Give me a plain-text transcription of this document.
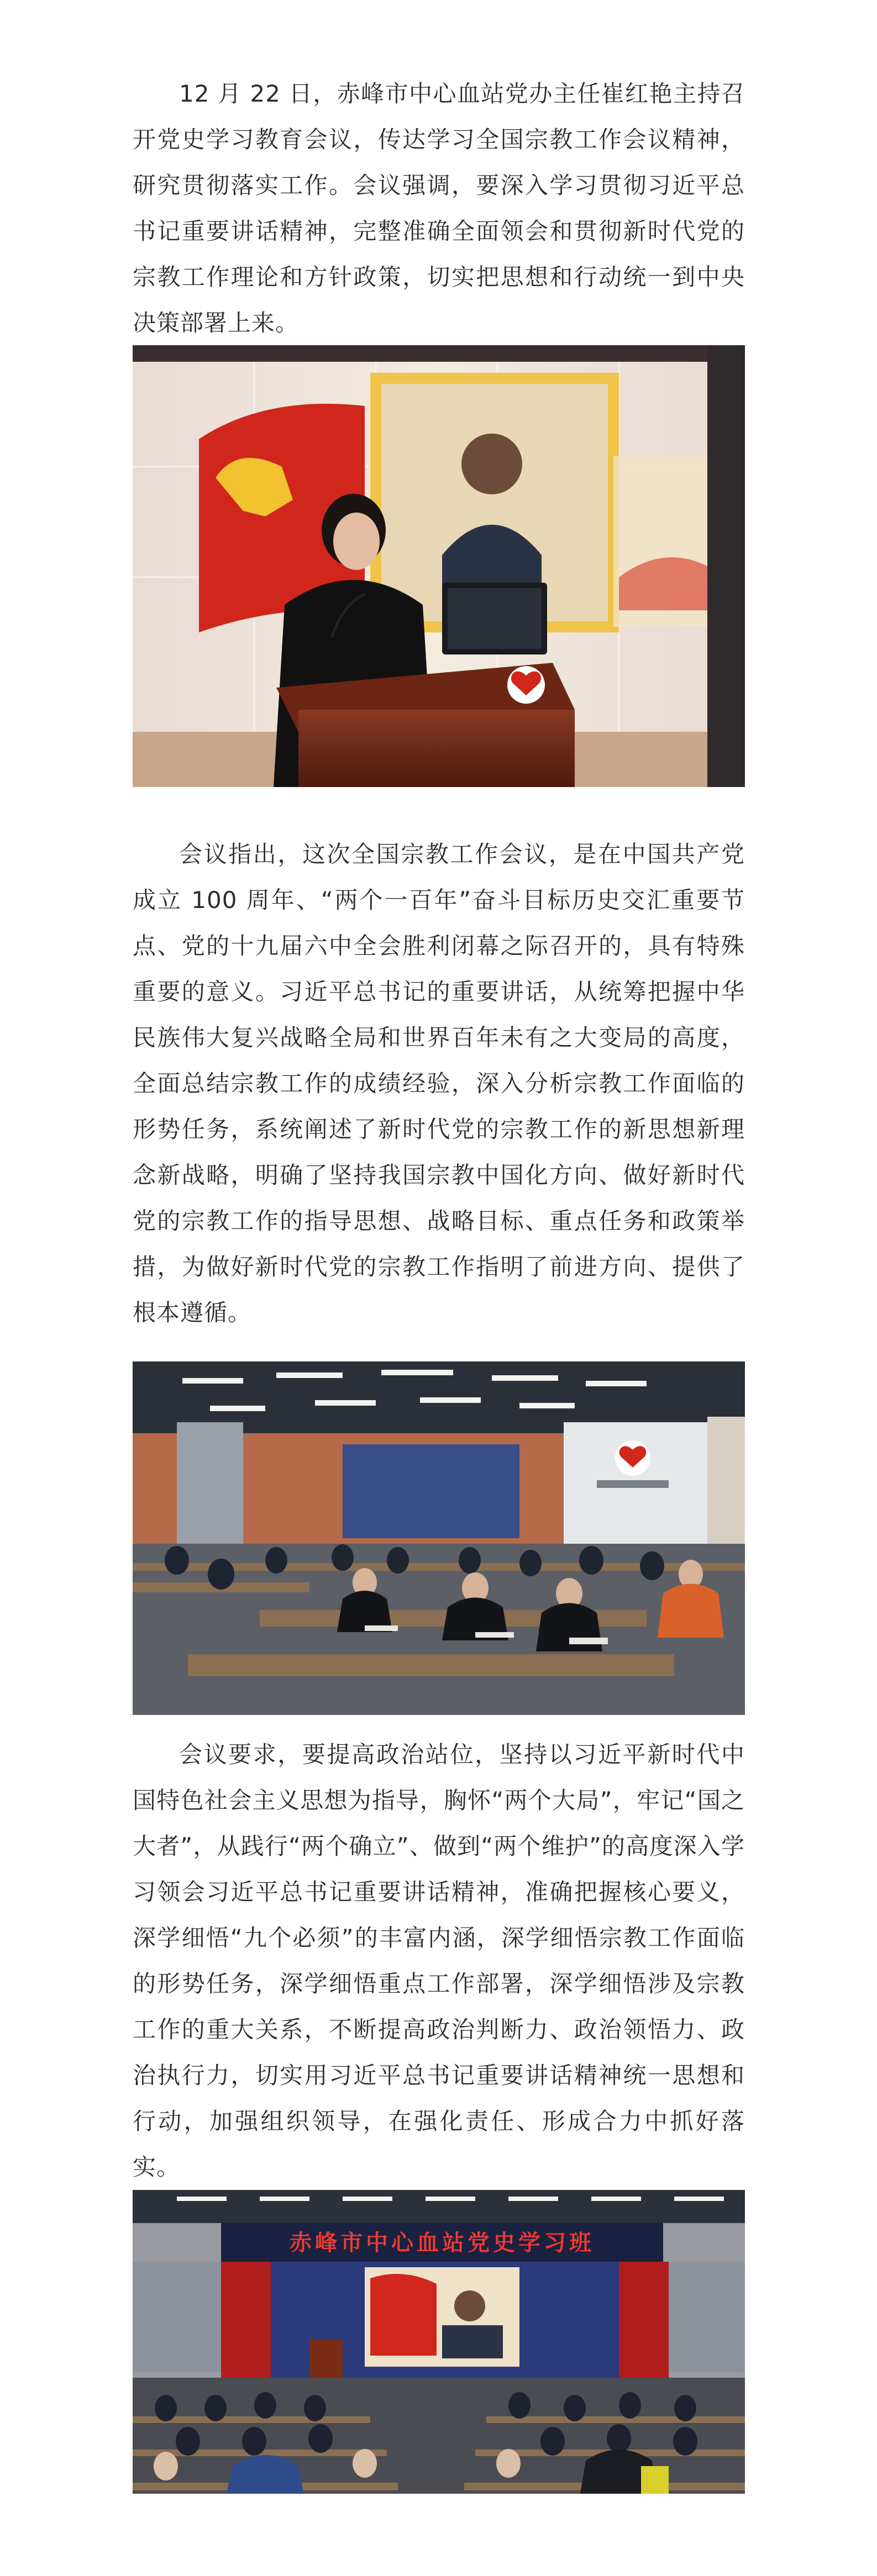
12 月 22 日，赤峰市中心血站党办主任崔红艳主持召开党史学习教育会议，传达学习全国宗教工作会议精神，研究贯彻落实工作。会议强调，要深入学习贯彻习近平总书记重要讲话精神，完整准确全面领会和贯彻新时代党的宗教工作理论和方针政策，切实把思想和行动统一到中央决策部署上来。

会议指出，这次全国宗教工作会议，是在中国共产党成立 100 周年、“两个一百年”奋斗目标历史交汇重要节点、党的十九届六中全会胜利闭幕之际召开的，具有特殊重要的意义。习近平总书记的重要讲话，从统筹把握中华民族伟大复兴战略全局和世界百年未有之大变局的高度，全面总结宗教工作的成绩经验，深入分析宗教工作面临的形势任务，系统阐述了新时代党的宗教工作的新思想新理念新战略，明确了坚持我国宗教中国化方向、做好新时代党的宗教工作的指导思想、战略目标、重点任务和政策举措，为做好新时代党的宗教工作指明了前进方向、提供了根本遵循。

会议要求，要提高政治站位，坚持以习近平新时代中国特色社会主义思想为指导，胸怀“两个大局”，牢记“国之大者”，从践行“两个确立”、做到“两个维护”的高度深入学习领会习近平总书记重要讲话精神，准确把握核心要义，深学细悟“九个必须”的丰富内涵，深学细悟宗教工作面临的形势任务，深学细悟重点工作部署，深学细悟涉及宗教工作的重大关系，不断提高政治判断力、政治领悟力、政治执行力，切实用习近平总书记重要讲话精神统一思想和行动，加强组织领导，在强化责任、形成合力中抓好落实。

赤峰市中心血站党史学习班
